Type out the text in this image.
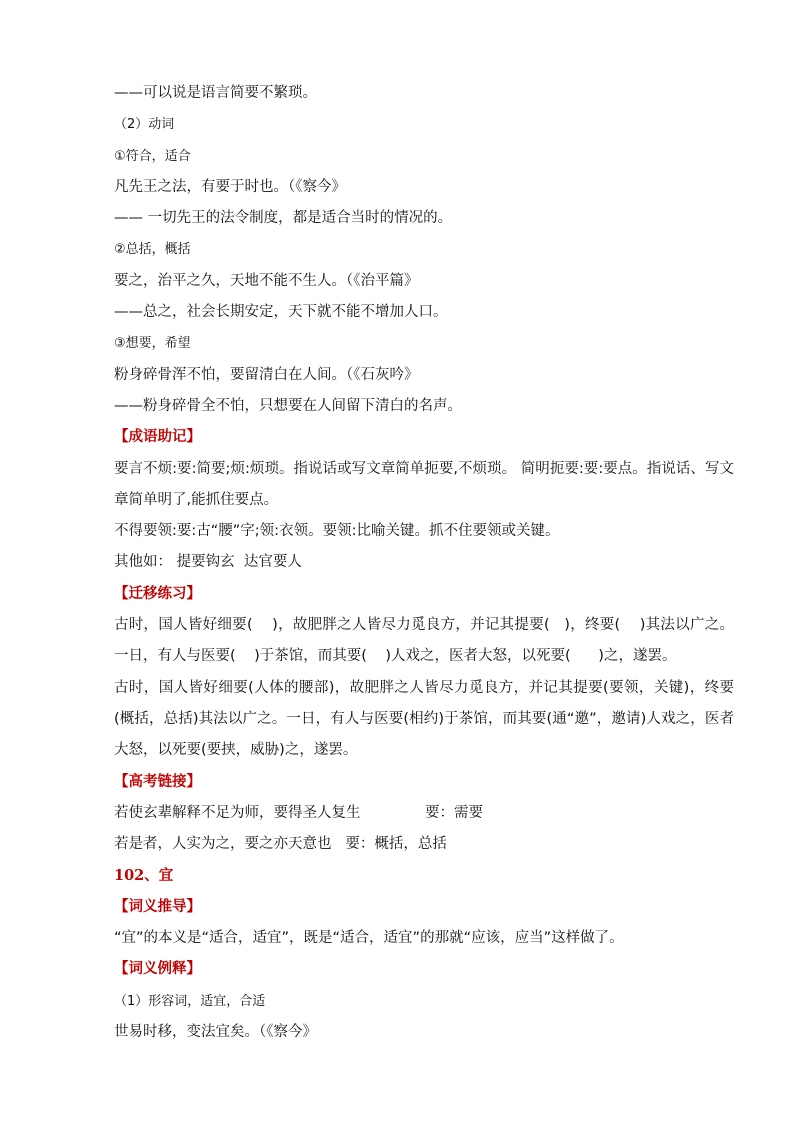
——可以说是语言简要不繁琐。

（2）动词

①符合，适合

凡先王之法，有要于时也。（《察今》

—— 一切先王的法令制度，都是适合当时的情况的。

②总括，概括

要之，治平之久，天地不能不生人。（《治平篇》

——总之，社会长期安定，天下就不能不增加人口。

③想要，希望

粉身碎骨浑不怕，要留清白在人间。（《石灰吟》

——粉身碎骨全不怕，只想要在人间留下清白的名声。

【成语助记】

要言不烦:要:简要;烦:烦琐。指说话或写文章简单扼要,不烦琐。 简明扼要:要:要点。指说话、写文章简单明了,能抓住要点。

不得要领:要:古“腰”字;领:衣领。要领:比喻关键。抓不住要领或关键。

其他如： 提要钩玄  达官要人

【迁移练习】

古时，国人皆好细要(    )，故肥胖之人皆尽力觅良方，并记其提要(   )，终要(    )其法以广之。一日，有人与医要(    )于茶馆，而其要(    )人戏之，医者大怒，以死要(      )之，遂罢。

古时，国人皆好细要(人体的腰部)，故肥胖之人皆尽力觅良方，并记其提要(要领，关键)，终要(概括，总括)其法以广之。一日，有人与医要(相约)于茶馆，而其要(通“邀”，邀请)人戏之，医者大怒，以死要(要挟，威胁)之，遂罢。

【高考链接】

若使玄辈解释不足为师，要得圣人复生              要：需要

若是者，人实为之，要之亦天意也   要：概括，总括

102、宜

【词义推导】

“宜”的本义是“适合，适宜”，既是“适合，适宜”的那就“应该，应当”这样做了。

【词义例释】

（1）形容词，适宜，合适

世易时移，变法宜矣。（《察今》
